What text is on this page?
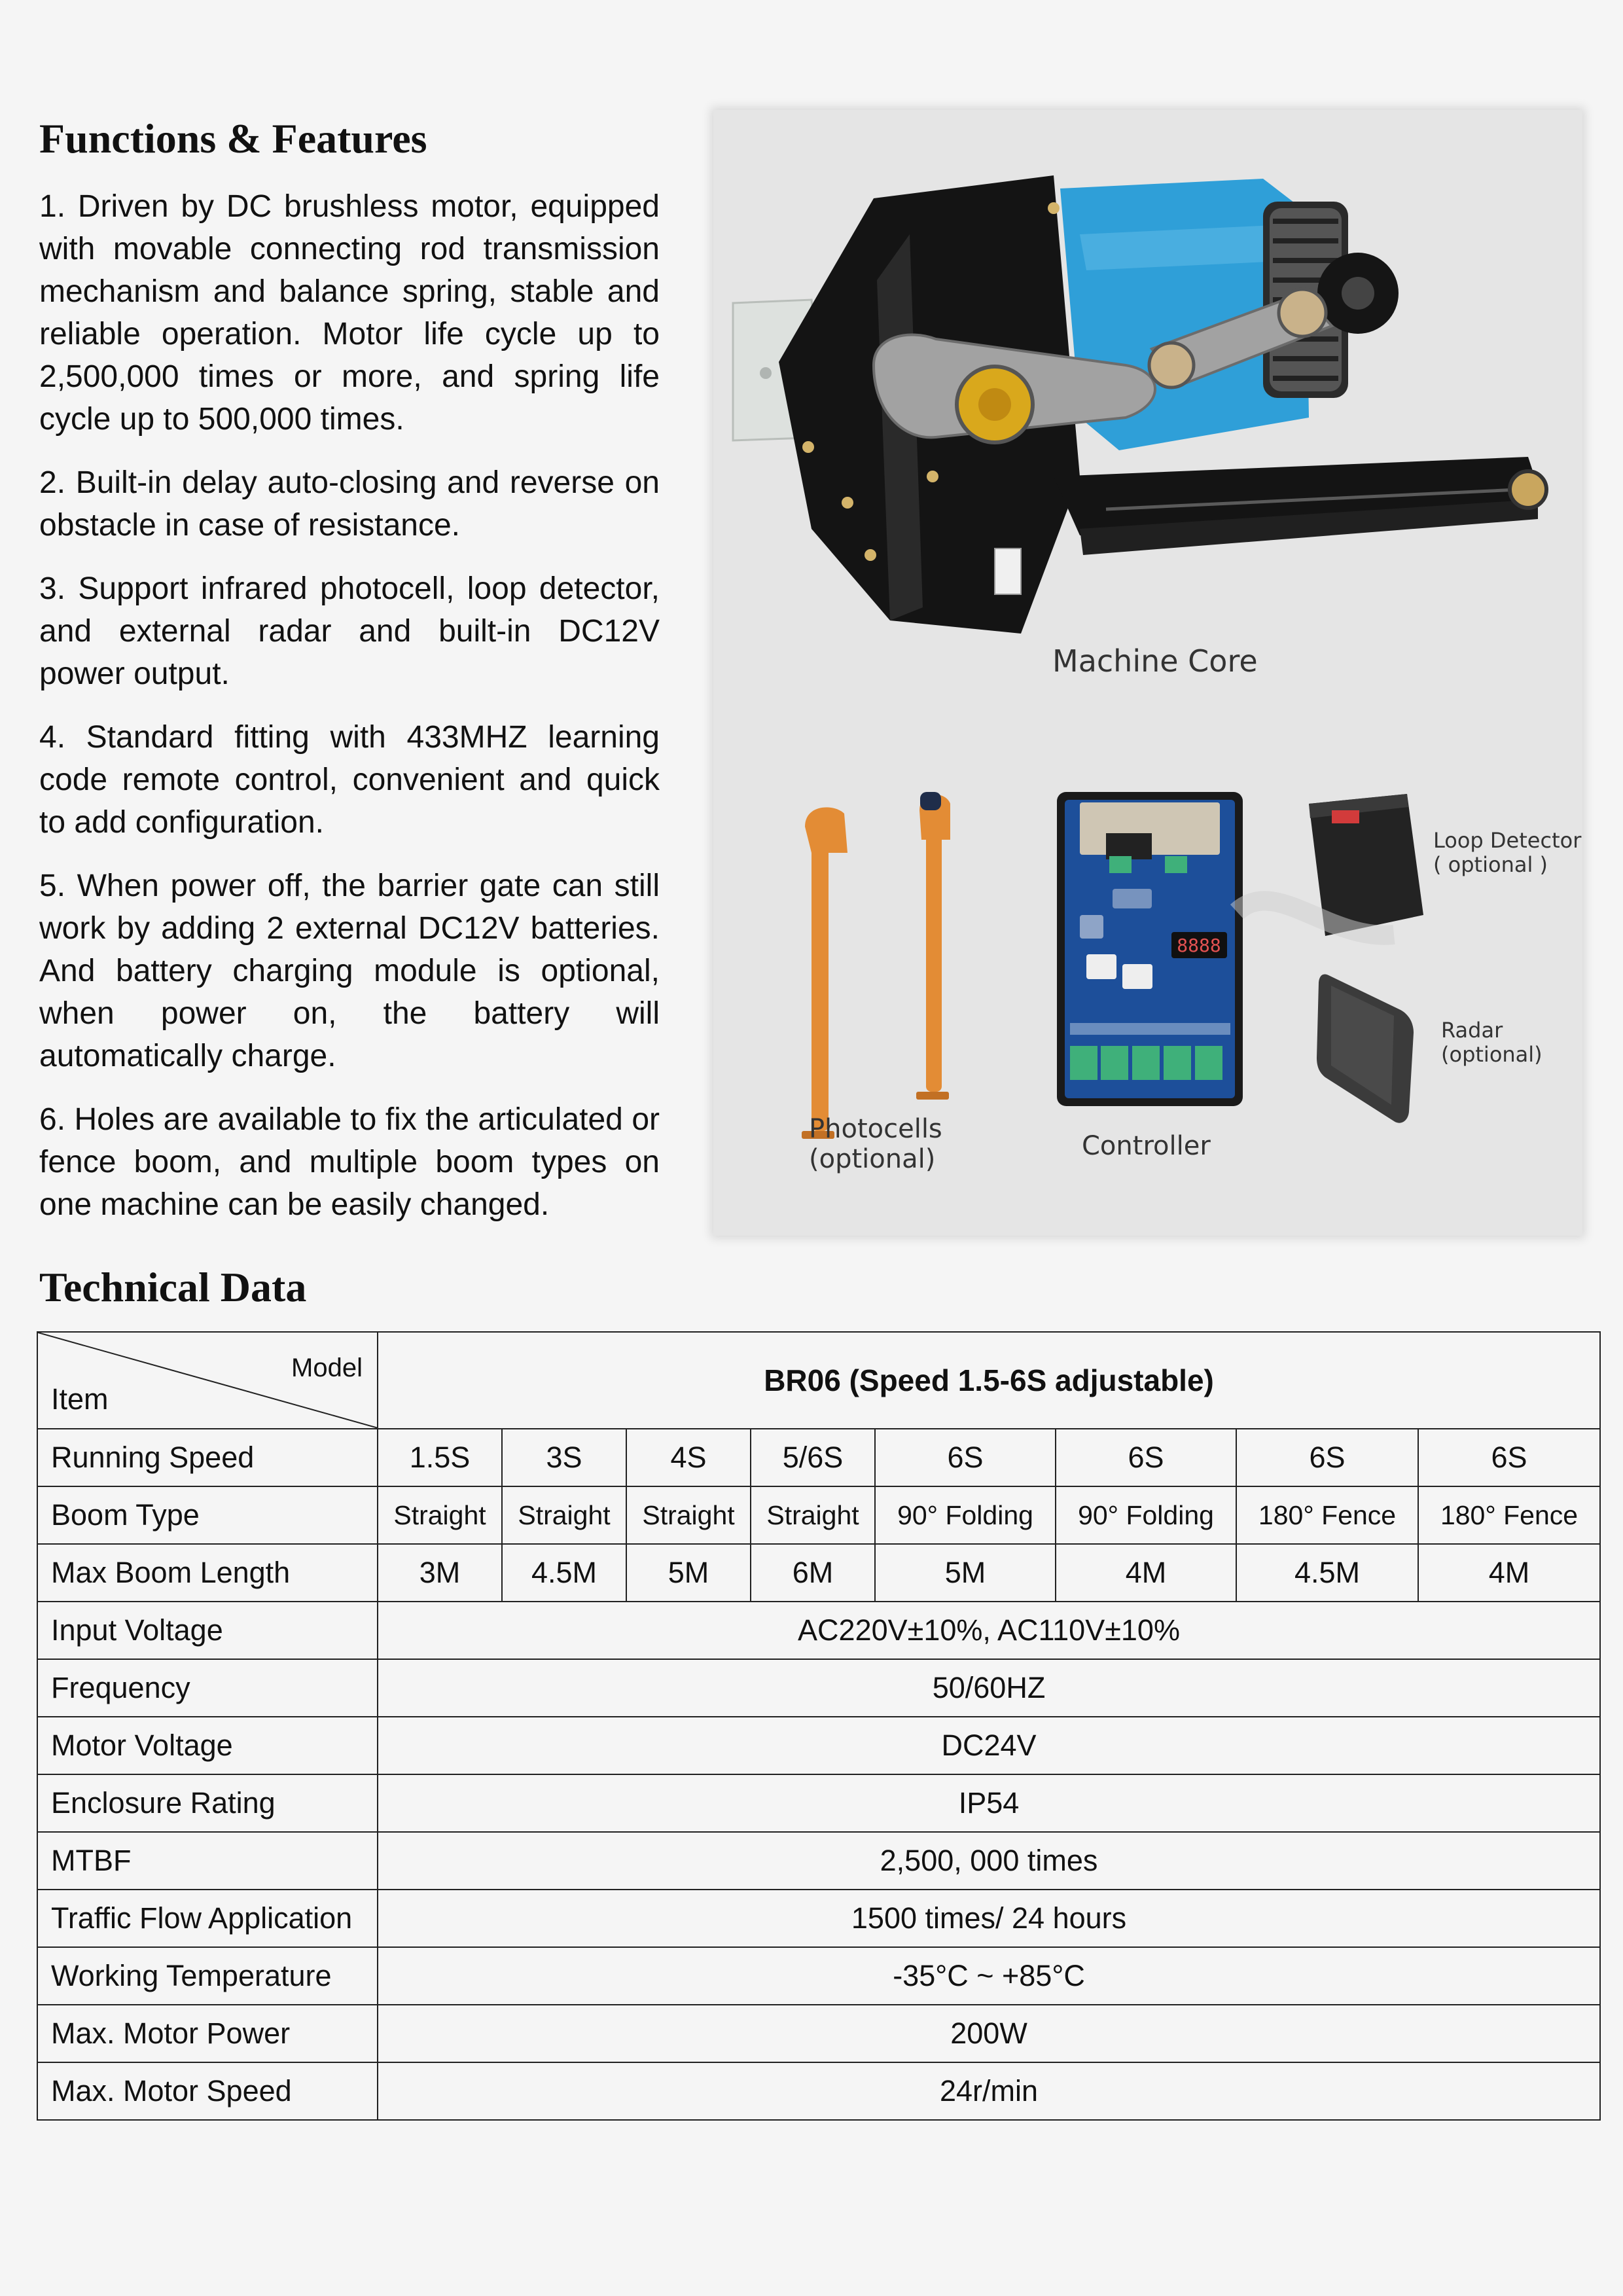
Functions & Features

1. Driven by DC brushless motor, equipped with movable connecting rod transmission mechanism and balance spring, stable and reliable operation. Motor life cycle up to 2,500,000 times or more, and spring life cycle up to 500,000 times.

2. Built-in delay auto-closing and reverse on obstacle in case of resistance.

3. Support infrared photocell, loop detector, and external radar and built-in DC12V power output.

4. Standard fitting with 433MHZ learning code remote control, convenient and quick to add configuration.

5. When power off, the barrier gate can still work by adding 2 external DC12V batteries. And battery charging module is optional, when power on, the battery will automatically charge.

6. Holes are available to fix the articulated or fence boom, and multiple boom types on one machine can be easily changed.

8888
Machine Core
Loop Detector
( optional )
Radar
(optional)
Photocells
(optional)	Controller
Technical Data
Model
Item	BR06 (Speed 1.5-6S adjustable)							
Running Speed	1.5S	3S	4S	5/6S	6S	6S	6S	6S
Boom Type	Straight	Straight	Straight	Straight	90° Folding	90° Folding	180° Fence	180° Fence
Max Boom Length	3M	4.5M	5M	6M	5M	4M	4.5M	4M
Input Voltage	AC220V±10%, AC110V±10%							
Frequency	50/60HZ							
Motor Voltage	DC24V							
Enclosure Rating	IP54							
MTBF	2,500, 000 times							
Traffic Flow Application	1500 times/ 24 hours							
Working Temperature	-35°C ~ +85°C							
Max. Motor Power	200W							
Max. Motor Speed	24r/min							
